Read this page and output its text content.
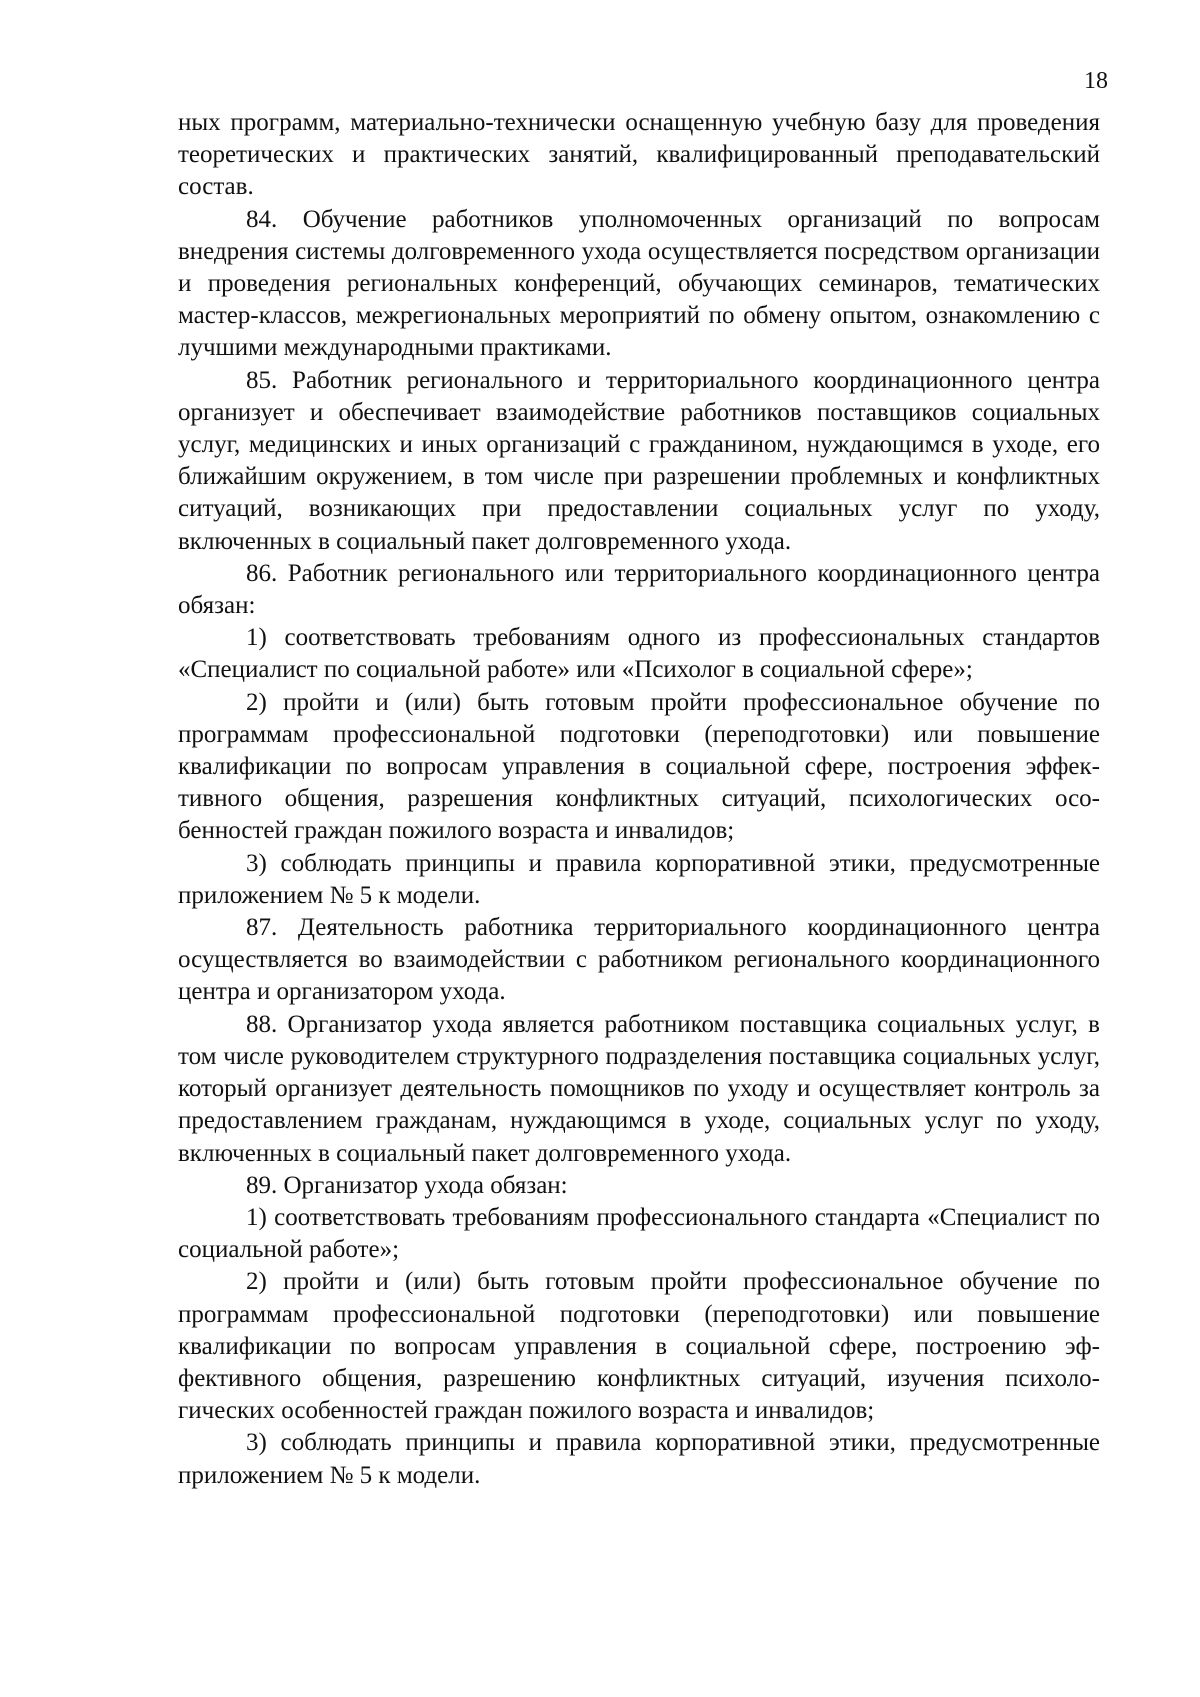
18

ных программ, материально-технически оснащенную учебную базу для проведения теоретических и практических занятий, квалифицированный преподавательский состав.

84. Обучение работников уполномоченных организаций по вопросам внедрения системы долговременного ухода осуществляется посредством организации и проведения региональных конференций, обучающих семинаров, тематических мастер-классов, межрегиональных мероприятий по обмену опытом, ознакомлению с лучшими международными практиками.

85. Работник регионального и территориального координационного центра организует и обеспечивает взаимодействие работников поставщиков социальных услуг, медицинских и иных организаций с гражданином, нуждающимся в уходе, его ближайшим окружением, в том числе при разрешении проблемных и конфликтных ситуаций, возникающих при предоставлении социальных услуг по уходу, включенных в социальный пакет долговременного ухода.

86. Работник регионального или территориального координационного центра обязан:

1) соответствовать требованиям одного из профессиональных стандартов «Специалист по социальной работе» или «Психолог в социальной сфере»;

2) пройти и (или) быть готовым пройти профессиональное обучение по программам профессиональной подготовки (переподготовки) или повышение квалификации по вопросам управления в социальной сфере, построения эффективного общения, разрешения конфликтных ситуаций, психологических особенностей граждан пожилого возраста и инвалидов;

3) соблюдать принципы и правила корпоративной этики, предусмотренные приложением № 5 к модели.

87. Деятельность работника территориального координационного центра осуществляется во взаимодействии с работником регионального координационного центра и организатором ухода.

88. Организатор ухода является работником поставщика социальных услуг, в том числе руководителем структурного подразделения поставщика социальных услуг, который организует деятельность помощников по уходу и осуществляет контроль за предоставлением гражданам, нуждающимся в уходе, социальных услуг по уходу, включенных в социальный пакет долговременного ухода.

89. Организатор ухода обязан:

1) соответствовать требованиям профессионального стандарта «Специалист по социальной работе»;

2) пройти и (или) быть готовым пройти профессиональное обучение по программам профессиональной подготовки (переподготовки) или повышение квалификации по вопросам управления в социальной сфере, построению эффективного общения, разрешению конфликтных ситуаций, изучения психологических особенностей граждан пожилого возраста и инвалидов;

3) соблюдать принципы и правила корпоративной этики, предусмотренные приложением № 5 к модели.
